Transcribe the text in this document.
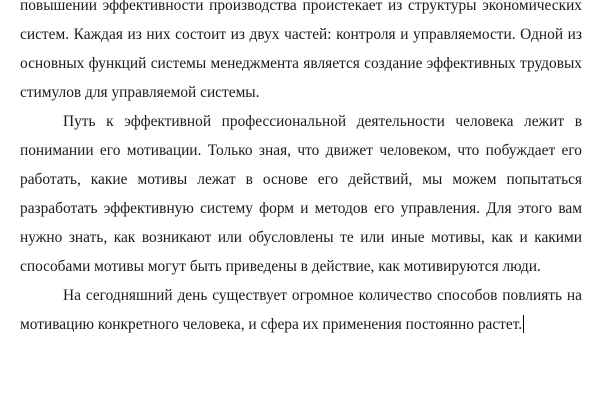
повышении эффективности производства проистекает из структуры экономических систем. Каждая из них состоит из двух частей: контроля и управляемости. Одной из основных функций системы менеджмента является создание эффективных трудовых стимулов для управляемой системы.

Путь к эффективной профессиональной деятельности человека лежит в понимании его мотивации. Только зная, что движет человеком, что побуждает его работать, какие мотивы лежат в основе его действий, мы можем попытаться разработать эффективную систему форм и методов его управления. Для этого вам нужно знать, как возникают или обусловлены те или иные мотивы, как и какими способами мотивы могут быть приведены в действие, как мотивируются люди.

На сегодняшний день существует огромное количество способов повлиять на мотивацию конкретного человека, и сфера их применения постоянно растет.
